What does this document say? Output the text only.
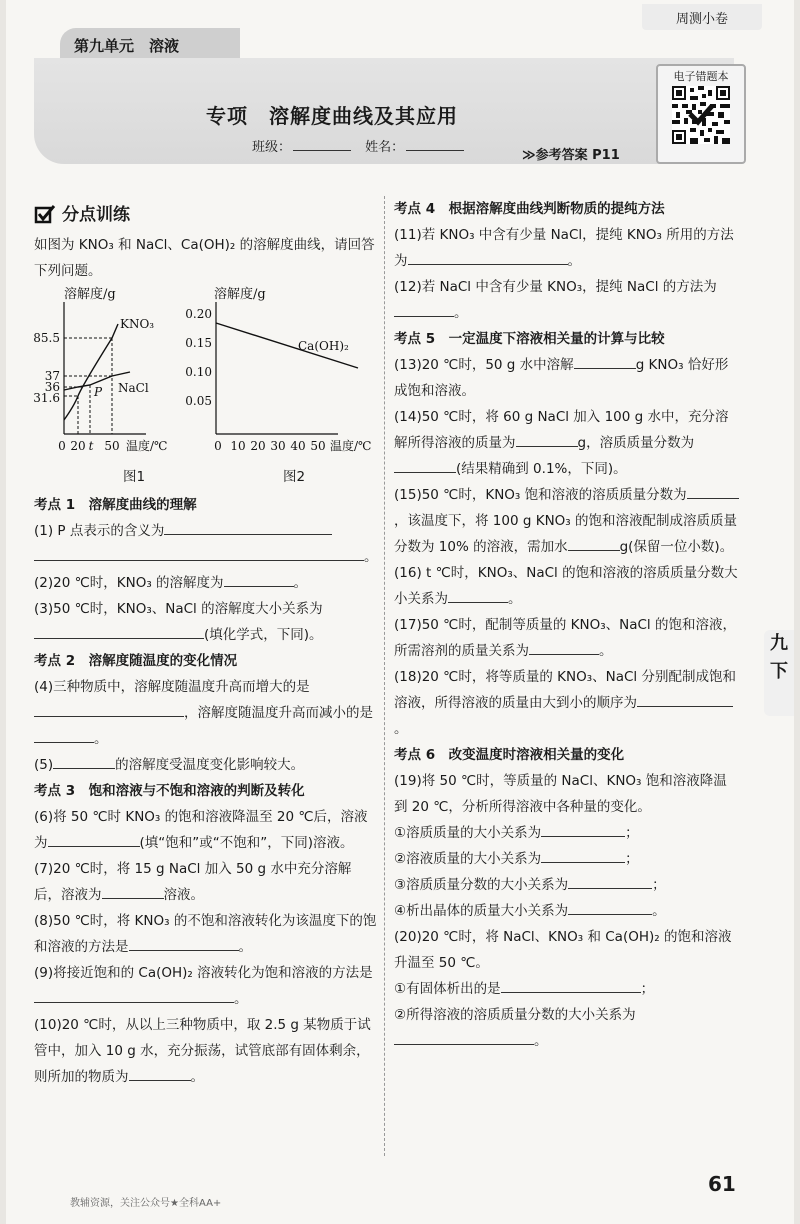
周测小卷
第九单元　溶液
专项　溶解度曲线及其应用
班级：	姓名：
≫参考答案 P11
电子错题本
分点训练

如图为 KNO₃ 和 NaCl、Ca(OH)₂ 的溶解度曲线，请回答下列问题。

溶解度/g
85.5
37
36
31.6	P
KNO₃
NaCl
0 20 t 50 温度/℃
溶解度/g
0.20
0.15
0.10
0.05
Ca(OH)₂
0 10 20 30 40 50 温度/℃
图1	图2

考点 1　溶解度曲线的理解

(1) P 点表示的含义为
。

(2)20 ℃时，KNO₃ 的溶解度为	。

(3)50 ℃时，KNO₃、NaCl 的溶解度大小关系为
(填化学式，下同)。

考点 2　溶解度随温度的变化情况

(4)三种物质中，溶解度随温度升高而增大的是，溶解度随温度升高而减小的是。

(5)	的溶解度受温度变化影响较大。

考点 3　饱和溶液与不饱和溶液的判断及转化

(6)将 50 ℃时 KNO₃ 的饱和溶液降温至 20 ℃后，溶液为	(填“饱和”或“不饱和”，下同)溶液。

(7)20 ℃时，将 15 g NaCl 加入 50 g 水中充分溶解后，溶液为	溶液。

(8)50 ℃时，将 KNO₃ 的不饱和溶液转化为该温度下的饱和溶液的方法是	。

(9)将接近饱和的 Ca(OH)₂ 溶液转化为饱和溶液的方法是。

(10)20 ℃时，从以上三种物质中，取 2.5 g 某物质于试管中，加入 10 g 水，充分振荡，试管底部有固体剩余，则所加的物质为	。

考点 4　根据溶解度曲线判断物质的提纯方法

(11)若 KNO₃ 中含有少量 NaCl，提纯 KNO₃ 所用的方法为	。

(12)若 NaCl 中含有少量 KNO₃，提纯 NaCl 的方法为。

考点 5　一定温度下溶液相关量的计算与比较

(13)20 ℃时，50 g 水中溶解	g KNO₃ 恰好形成饱和溶液。

(14)50 ℃时，将 60 g NaCl 加入 100 g 水中，充分溶解所得溶液的质量为	g，溶质质量分数为(结果精确到 0.1%，下同)。

(15)50 ℃时，KNO₃ 饱和溶液的溶质质量分数为，该温度下，将 100 g KNO₃ 的饱和溶液配制成溶质质量分数为 10% 的溶液，需加水	g(保留一位小数)。

(16) t ℃时，KNO₃、NaCl 的饱和溶液的溶质质量分数大小关系为	。

(17)50 ℃时，配制等质量的 KNO₃、NaCl 的饱和溶液，所需溶剂的质量关系为	。

(18)20 ℃时，将等质量的 KNO₃、NaCl 分别配制成饱和溶液，所得溶液的质量由大到小的顺序为。

考点 6　改变温度时溶液相关量的变化

(19)将 50 ℃时，等质量的 NaCl、KNO₃ 饱和溶液降温到 20 ℃，分析所得溶液中各种量的变化。

①溶质质量的大小关系为	；

②溶液质量的大小关系为	；

③溶质质量分数的大小关系为	；

④析出晶体的质量大小关系为	。

(20)20 ℃时，将 NaCl、KNO₃ 和 Ca(OH)₂ 的饱和溶液升温至 50 ℃。

①有固体析出的是	；

②所得溶液的溶质质量分数的大小关系为
。

九下
61
教辅资源，关注公众号★全科AA+
